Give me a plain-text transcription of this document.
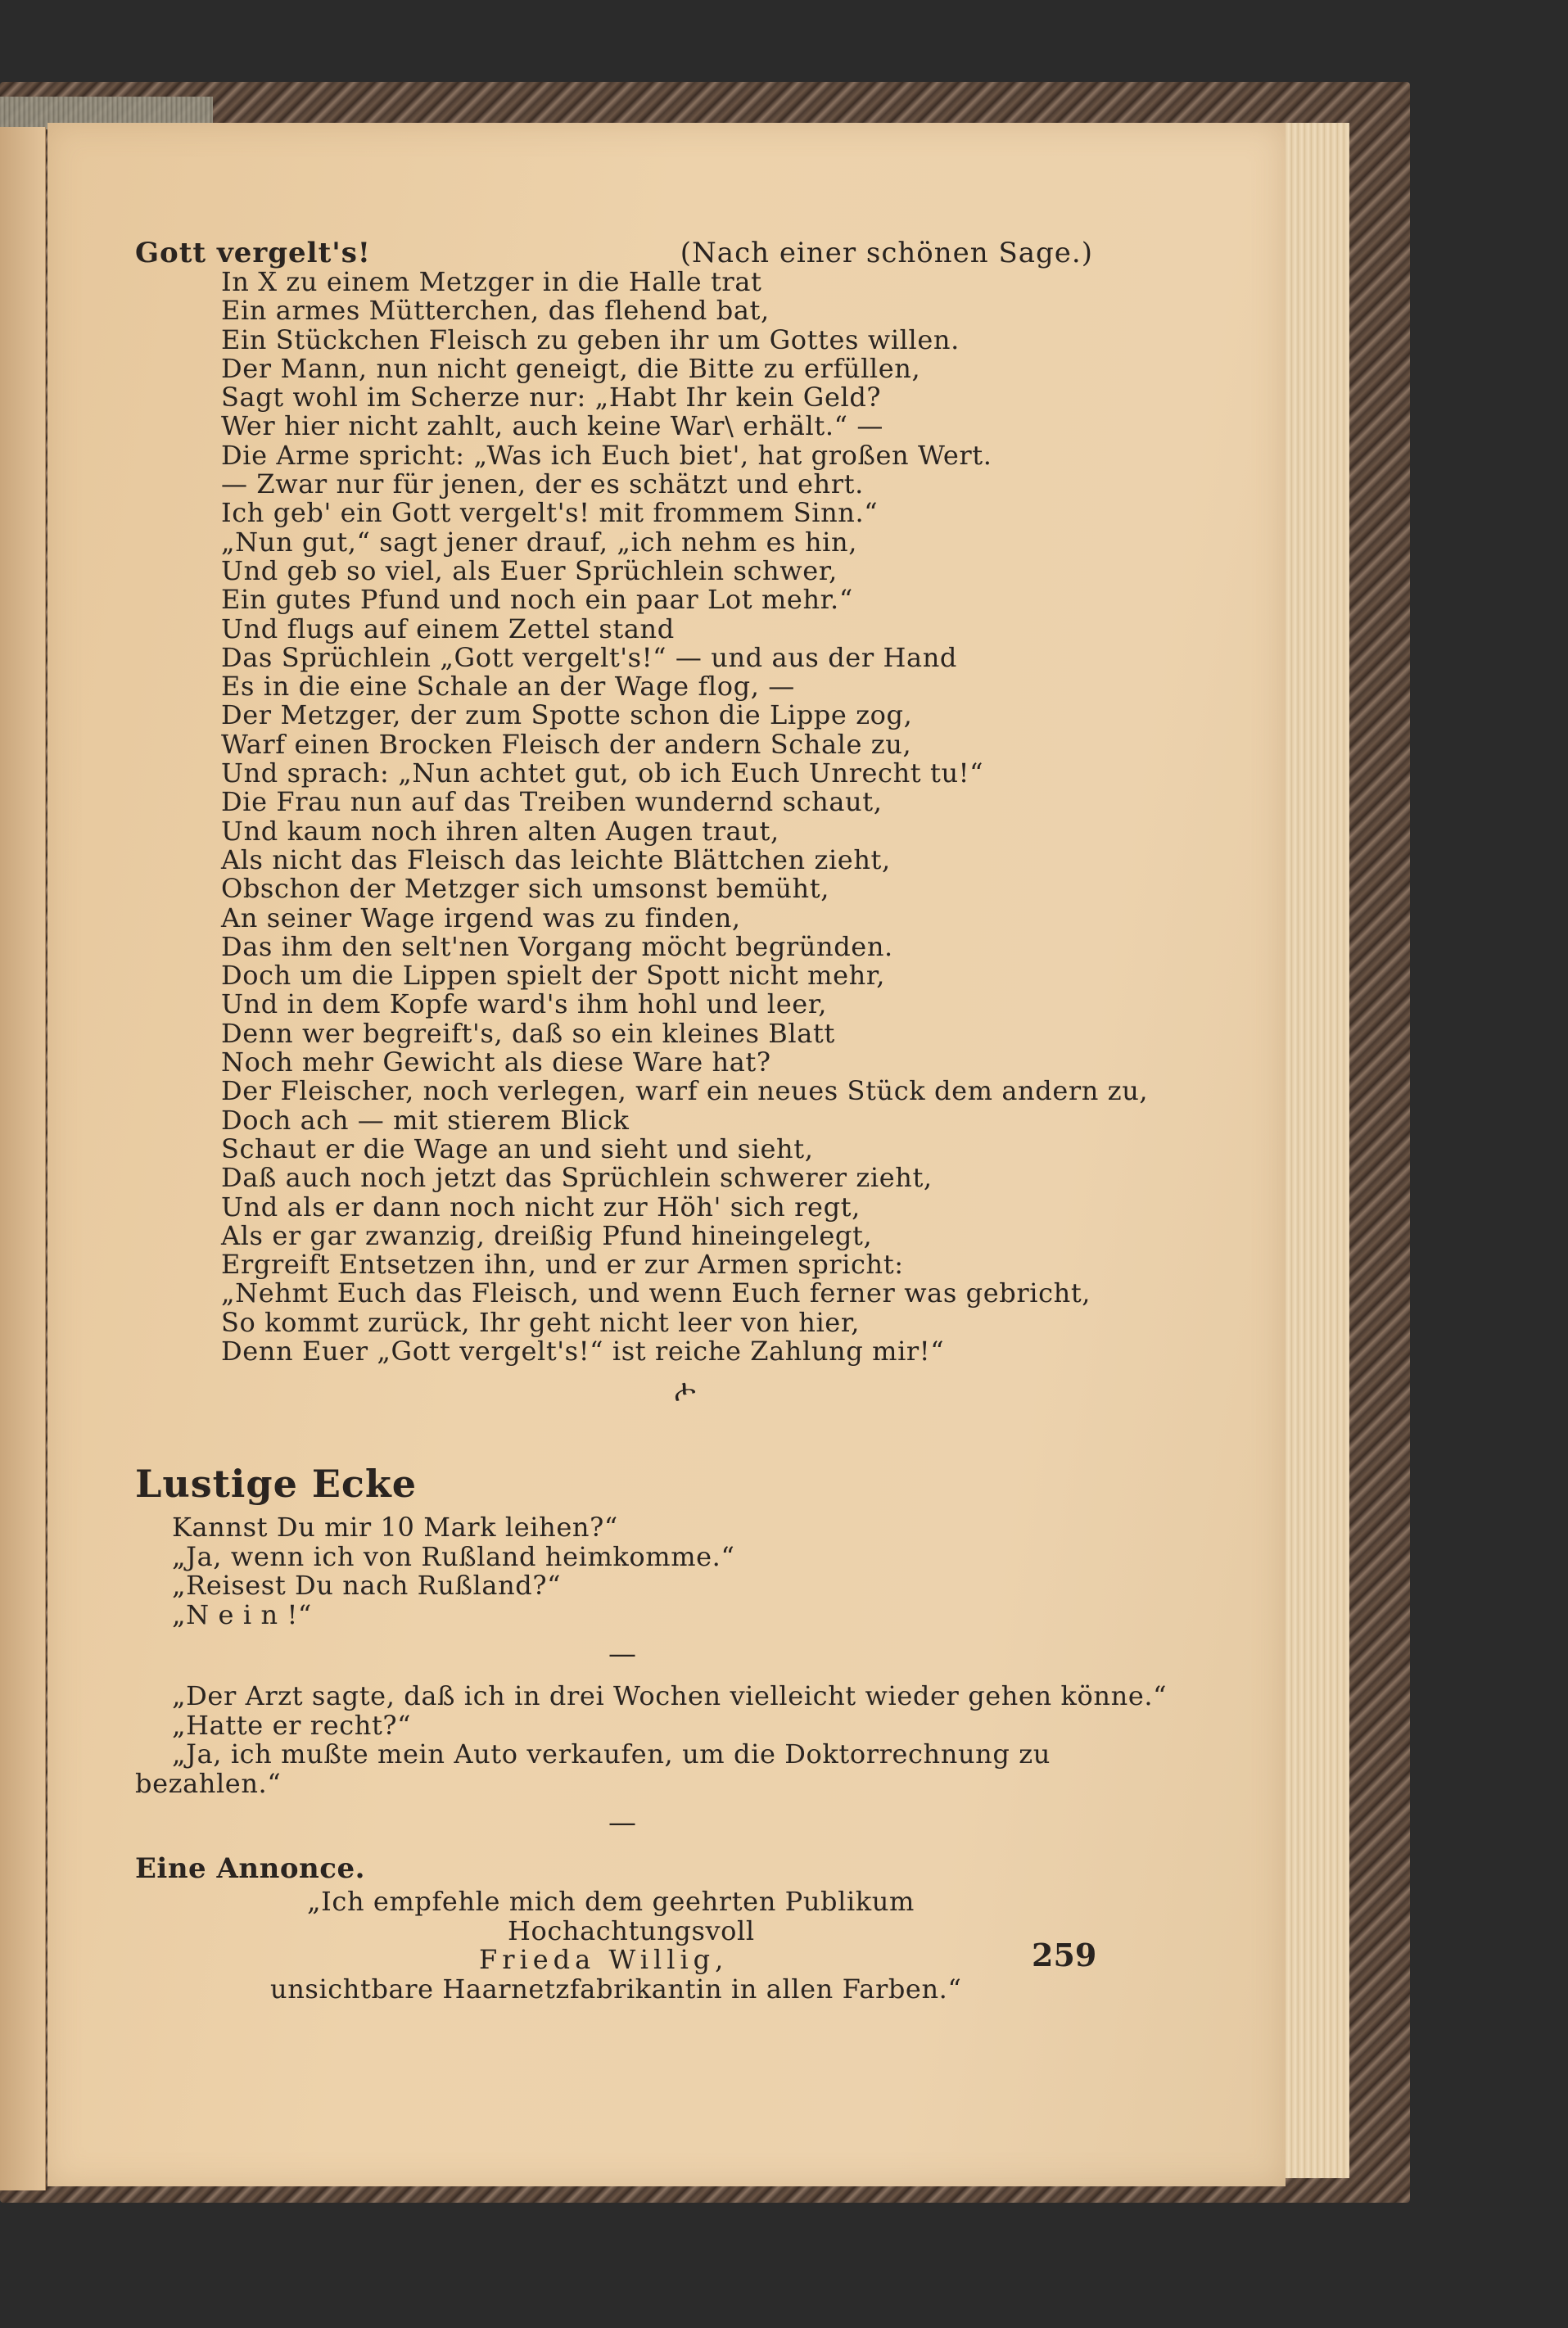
Gott vergelt's!	(Nach einer schönen Sage.)
In X zu einem Metzger in die Halle trat
Ein armes Mütterchen, das flehend bat,
Ein Stückchen Fleisch zu geben ihr um Gottes willen.
Der Mann, nun nicht geneigt, die Bitte zu erfüllen,
Sagt wohl im Scherze nur: „Habt Ihr kein Geld?
Wer hier nicht zahlt, auch keine War\ erhält.“ —
Die Arme spricht: „Was ich Euch biet', hat großen Wert.
— Zwar nur für jenen, der es schätzt und ehrt.
Ich geb' ein Gott vergelt's! mit frommem Sinn.“
„Nun gut,“ sagt jener drauf, „ich nehm es hin,
Und geb so viel, als Euer Sprüchlein schwer,
Ein gutes Pfund und noch ein paar Lot mehr.“
Und flugs auf einem Zettel stand
Das Sprüchlein „Gott vergelt's!“ — und aus der Hand
Es in die eine Schale an der Wage flog, —
Der Metzger, der zum Spotte schon die Lippe zog,
Warf einen Brocken Fleisch der andern Schale zu,
Und sprach: „Nun achtet gut, ob ich Euch Unrecht tu!“
Die Frau nun auf das Treiben wundernd schaut,
Und kaum noch ihren alten Augen traut,
Als nicht das Fleisch das leichte Blättchen zieht,
Obschon der Metzger sich umsonst bemüht,
An seiner Wage irgend was zu finden,
Das ihm den selt'nen Vorgang möcht begründen.
Doch um die Lippen spielt der Spott nicht mehr,
Und in dem Kopfe ward's ihm hohl und leer,
Denn wer begreift's, daß so ein kleines Blatt
Noch mehr Gewicht als diese Ware hat?
Der Fleischer, noch verlegen, warf ein neues Stück dem andern zu,
Doch ach — mit stierem Blick
Schaut er die Wage an und sieht und sieht,
Daß auch noch jetzt das Sprüchlein schwerer zieht,
Und als er dann noch nicht zur Höh' sich regt,
Als er gar zwanzig, dreißig Pfund hineingelegt,
Ergreift Entsetzen ihn, und er zur Armen spricht:
„Nehmt Euch das Fleisch, und wenn Euch ferner was gebricht,
So kommt zurück, Ihr geht nicht leer von hier,
Denn Euer „Gott vergelt's!“ ist reiche Zahlung mir!“
ሖ
Lustige Ecke
Kannst Du mir 10 Mark leihen?“
„Ja, wenn ich von Rußland heimkomme.“
„Reisest Du nach Rußland?“
„N e i n !“
—
„Der Arzt sagte, daß ich in drei Wochen vielleicht wieder gehen könne.“
„Hatte er recht?“
„Ja, ich mußte mein Auto verkaufen, um die Doktorrechnung zu
bezahlen.“
—
Eine Annonce.
„Ich empfehle mich dem geehrten Publikum
Hochachtungsvoll
Frieda Willig,
unsichtbare Haarnetzfabrikantin in allen Farben.“
259
